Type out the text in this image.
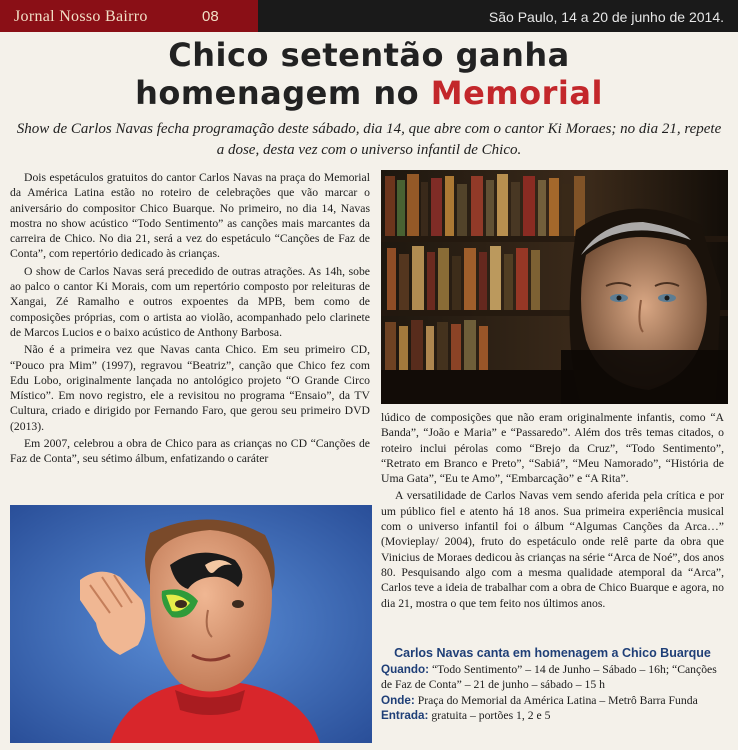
Jornal Nosso Bairro	08	São Paulo, 14 a 20 de junho de 2014.
Chico setentão ganha
homenagem no Memorial
Show de Carlos Navas fecha programação deste sábado, dia 14, que abre com o cantor Ki Moraes; no dia 21, repete a dose, desta vez com o universo infantil de Chico.

Dois espetáculos gratuitos do cantor Carlos Navas na praça do Memorial da América Latina estão no roteiro de celebrações que vão marcar o aniversário do compositor Chico Buarque. No primeiro, no dia 14, Navas mostra no show acústico “Todo Sentimento” as canções mais marcantes da carreira de Chico. No dia 21, será a vez do espetáculo “Canções de Faz de Conta”, com repertório dedicado às crianças.

O show de Carlos Navas será precedido de outras atrações. As 14h, sobe ao palco o cantor Ki Morais, com um repertório composto por releituras de Xangai, Zé Ramalho e outros expoentes da MPB, bem como de composições próprias, com o artista ao violão, acompanhado pelo clarinete de Marcos Lucios e o baixo acústico de Anthony Barbosa.

Não é a primeira vez que Navas canta Chico. Em seu primeiro CD, “Pouco pra Mim” (1997), regravou “Beatriz”, canção que Chico fez com Edu Lobo, originalmente lançada no antológico projeto “O Grande Circo Místico”. Em novo registro, ele a revisitou no programa “Ensaio”, da TV Cultura, criado e dirigido por Fernando Faro, que gerou seu primeiro DVD (2013).

Em 2007, celebrou a obra de Chico para as crianças no CD “Canções de Faz de Conta”, seu sétimo álbum, enfatizando o caráter

lúdico de composições que não eram originalmente infantis, como “A Banda”, “João e Maria” e “Passaredo”. Além dos três temas citados, o roteiro inclui pérolas como “Brejo da Cruz”, “Todo Sentimento”, “Retrato em Branco e Preto”, “Sabiá”, “Meu Namorado”, “História de Uma Gata”, “Eu te Amo”, “Embarcação” e “A Rita”.

A versatilidade de Carlos Navas vem sendo aferida pela crítica e por um público fiel e atento há 18 anos. Sua primeira experiência musical com o universo infantil foi o álbum “Algumas Canções da Arca…” (Movieplay/ 2004), fruto do espetáculo onde relê parte da obra que Vinicius de Moraes dedicou às crianças na série “Arca de Noé”, dos anos 80. Pesquisando algo com a mesma qualidade atemporal da “Arca”, Carlos teve a ideia de trabalhar com a obra de Chico Buarque e agora, no dia 21, mostra o que tem feito nos últimos anos.

Carlos Navas canta em homenagem a Chico Buarque

Quando: “Todo Sentimento” – 14 de Junho – Sábado – 16h; “Canções de Faz de Conta” – 21 de junho – sábado – 15 h

Onde: Praça do Memorial da América Latina – Metrô Barra Funda

Entrada: gratuita – portões 1, 2 e 5
